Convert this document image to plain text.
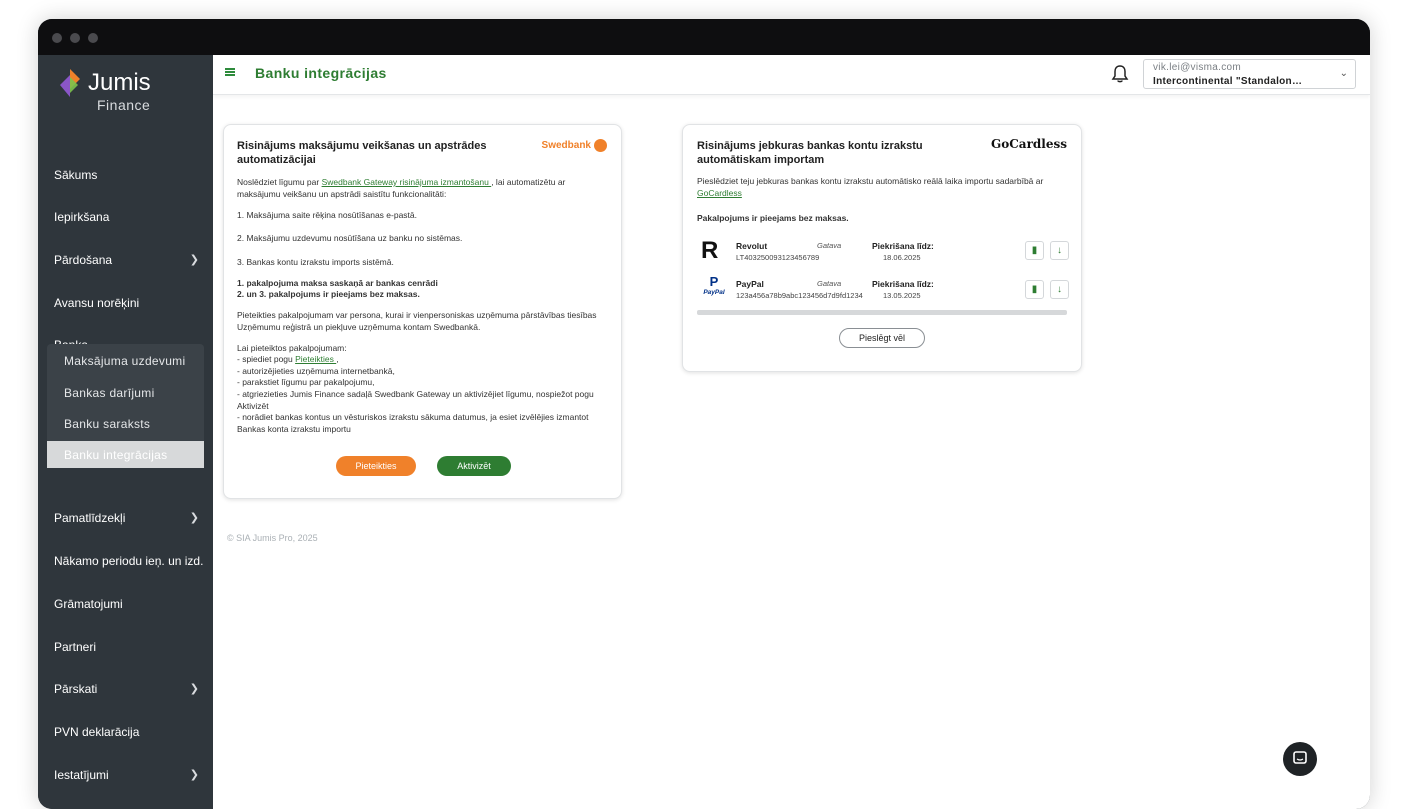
Jumis
Finance
Sākums
Iepirkšana
Pārdošana	❯
Avansu norēķini
Maksājuma uzdevumi
Bankas darījumi
Banku saraksts
Banku integrācijas
Pamatlīdzekļi	❯
Nākamo periodu ieņ. un izd.
Grāmatojumi
Partneri
Pārskati	❯
PVN deklarācija
Iestatījumi	❯
Banku integrācijas	vik.lei@visma.com
Intercontinental "Standalon…
⌄
Risinājums maksājumu veikšanas un apstrādes automatizācijai
Swedbank
Noslēdziet līgumu par Swedbank Gateway risinājuma izmantošanu , lai automatizētu ar maksājumu veikšanu un apstrādi saistītu funkcionalitāti:
1. Maksājuma saite rēķina nosūtīšanas e-pastā.
2. Maksājumu uzdevumu nosūtīšana uz banku no sistēmas.
3. Bankas kontu izrakstu imports sistēmā.
1. pakalpojuma maksa saskaņā ar bankas cenrādi
2. un 3. pakalpojums ir pieejams bez maksas.
Pieteikties pakalpojumam var persona, kurai ir vienpersoniskas uzņēmuma pārstāvības tiesības Uzņēmumu reģistrā un piekļuve uzņēmuma kontam Swedbankā.
Lai pieteiktos pakalpojumam:
- spiediet pogu Pieteikties ,
- autorizējieties uzņēmuma internetbankā,
- parakstiet līgumu par pakalpojumu,
- atgriezieties Jumis Finance sadaļā Swedbank Gateway un aktivizējiet līgumu, nospiežot pogu Aktivizēt
- norādiet bankas kontus un vēsturiskos izrakstu sākuma datumus, ja esiet izvēlējies izmantot Bankas konta izrakstu importu
Pieteikties	Aktivizēt
Risinājums jebkuras bankas kontu izrakstu automātiskam importam
GoCardless
Pieslēdziet teju jebkuras bankas kontu izrakstu automātisko reālā laika importu sadarbībā ar GoCardless
Pakalpojums ir pieejams bez maksas.
R Revolut
LT403250093123456789
Gatava	Piekrišana līdz:
18.06.2025
▮	↓
P
PayPal
PayPal
123a456a78b9abc123456d7d9fd1234
Gatava	Piekrišana līdz:
13.05.2025
▮	↓
Pieslēgt vēl
© SIA Jumis Pro, 2025
